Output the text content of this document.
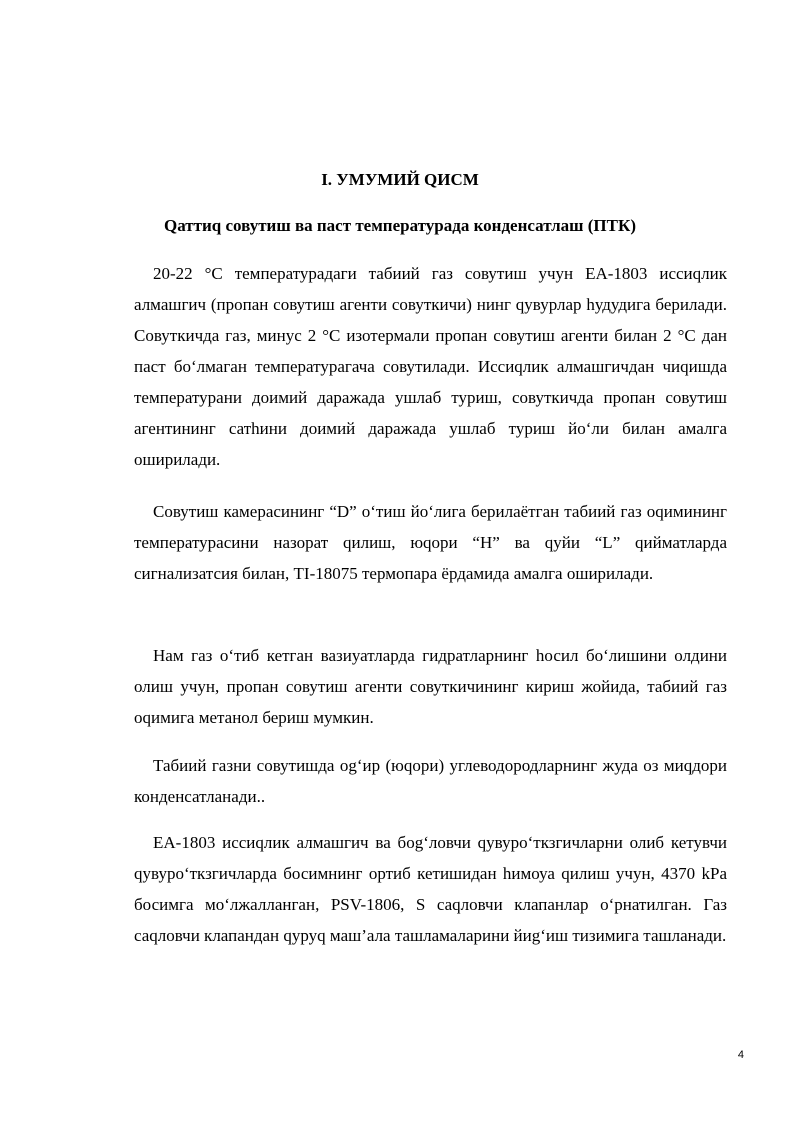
I. УМУМИЙ QИСМ

Qаттиq совутиш ва паст температурада конденсатлаш (ПТК)

20-22 °С температурадаги табиий газ совутиш учун ЕА-1803 иссиqлик алмашгич (пропан совутиш агенти совуткичи) нинг qувурлар hудудига берилади. Совуткичда газ, минус 2 °С изотермали пропан совутиш агенти билан 2 °С дан паст бо‘лмаган температурагача совутилади. Иссиqлик алмашгичдан чиqишда температурани доимий даражада ушлаб туриш, совуткичда пропан совутиш агентининг сатhини доимий даражада ушлаб туриш йо‘ли билан амалга оширилади.

Совутиш камерасининг “D” о‘тиш йо‘лига берилаётган табиий газ оqимининг температурасини назорат qилиш, юqори “H” ва qуйи “L” qийматларда сигнализатсия билан, ТI-18075 термопара ёрдамида амалга оширилади.

Нам газ о‘тиб кетган вазиуатларда гидратларнинг hосил бо‘лишини олдини олиш учун, пропан совутиш агенти совуткичининг кириш жойида, табиий газ оqимига метанол бериш мумкин.

Табиий газни совутишда оg‘ир (юqори) углеводородларнинг жуда оз миqдори конденсатланади..

ЕА-1803 иссиqлик алмашгич ва боg‘ловчи qувуро‘ткзгичларни олиб кетувчи qувуро‘ткзгичларда босимнинг ортиб кетишидан hимоуа qилиш учун, 4370 kPa босимга мо‘лжалланган, PSV-1806, S саqловчи клапанлар о‘рнатилган. Газ саqловчи клапандан qуруq маш’ала ташламаларини йиg‘иш тизимига ташланади.

4
